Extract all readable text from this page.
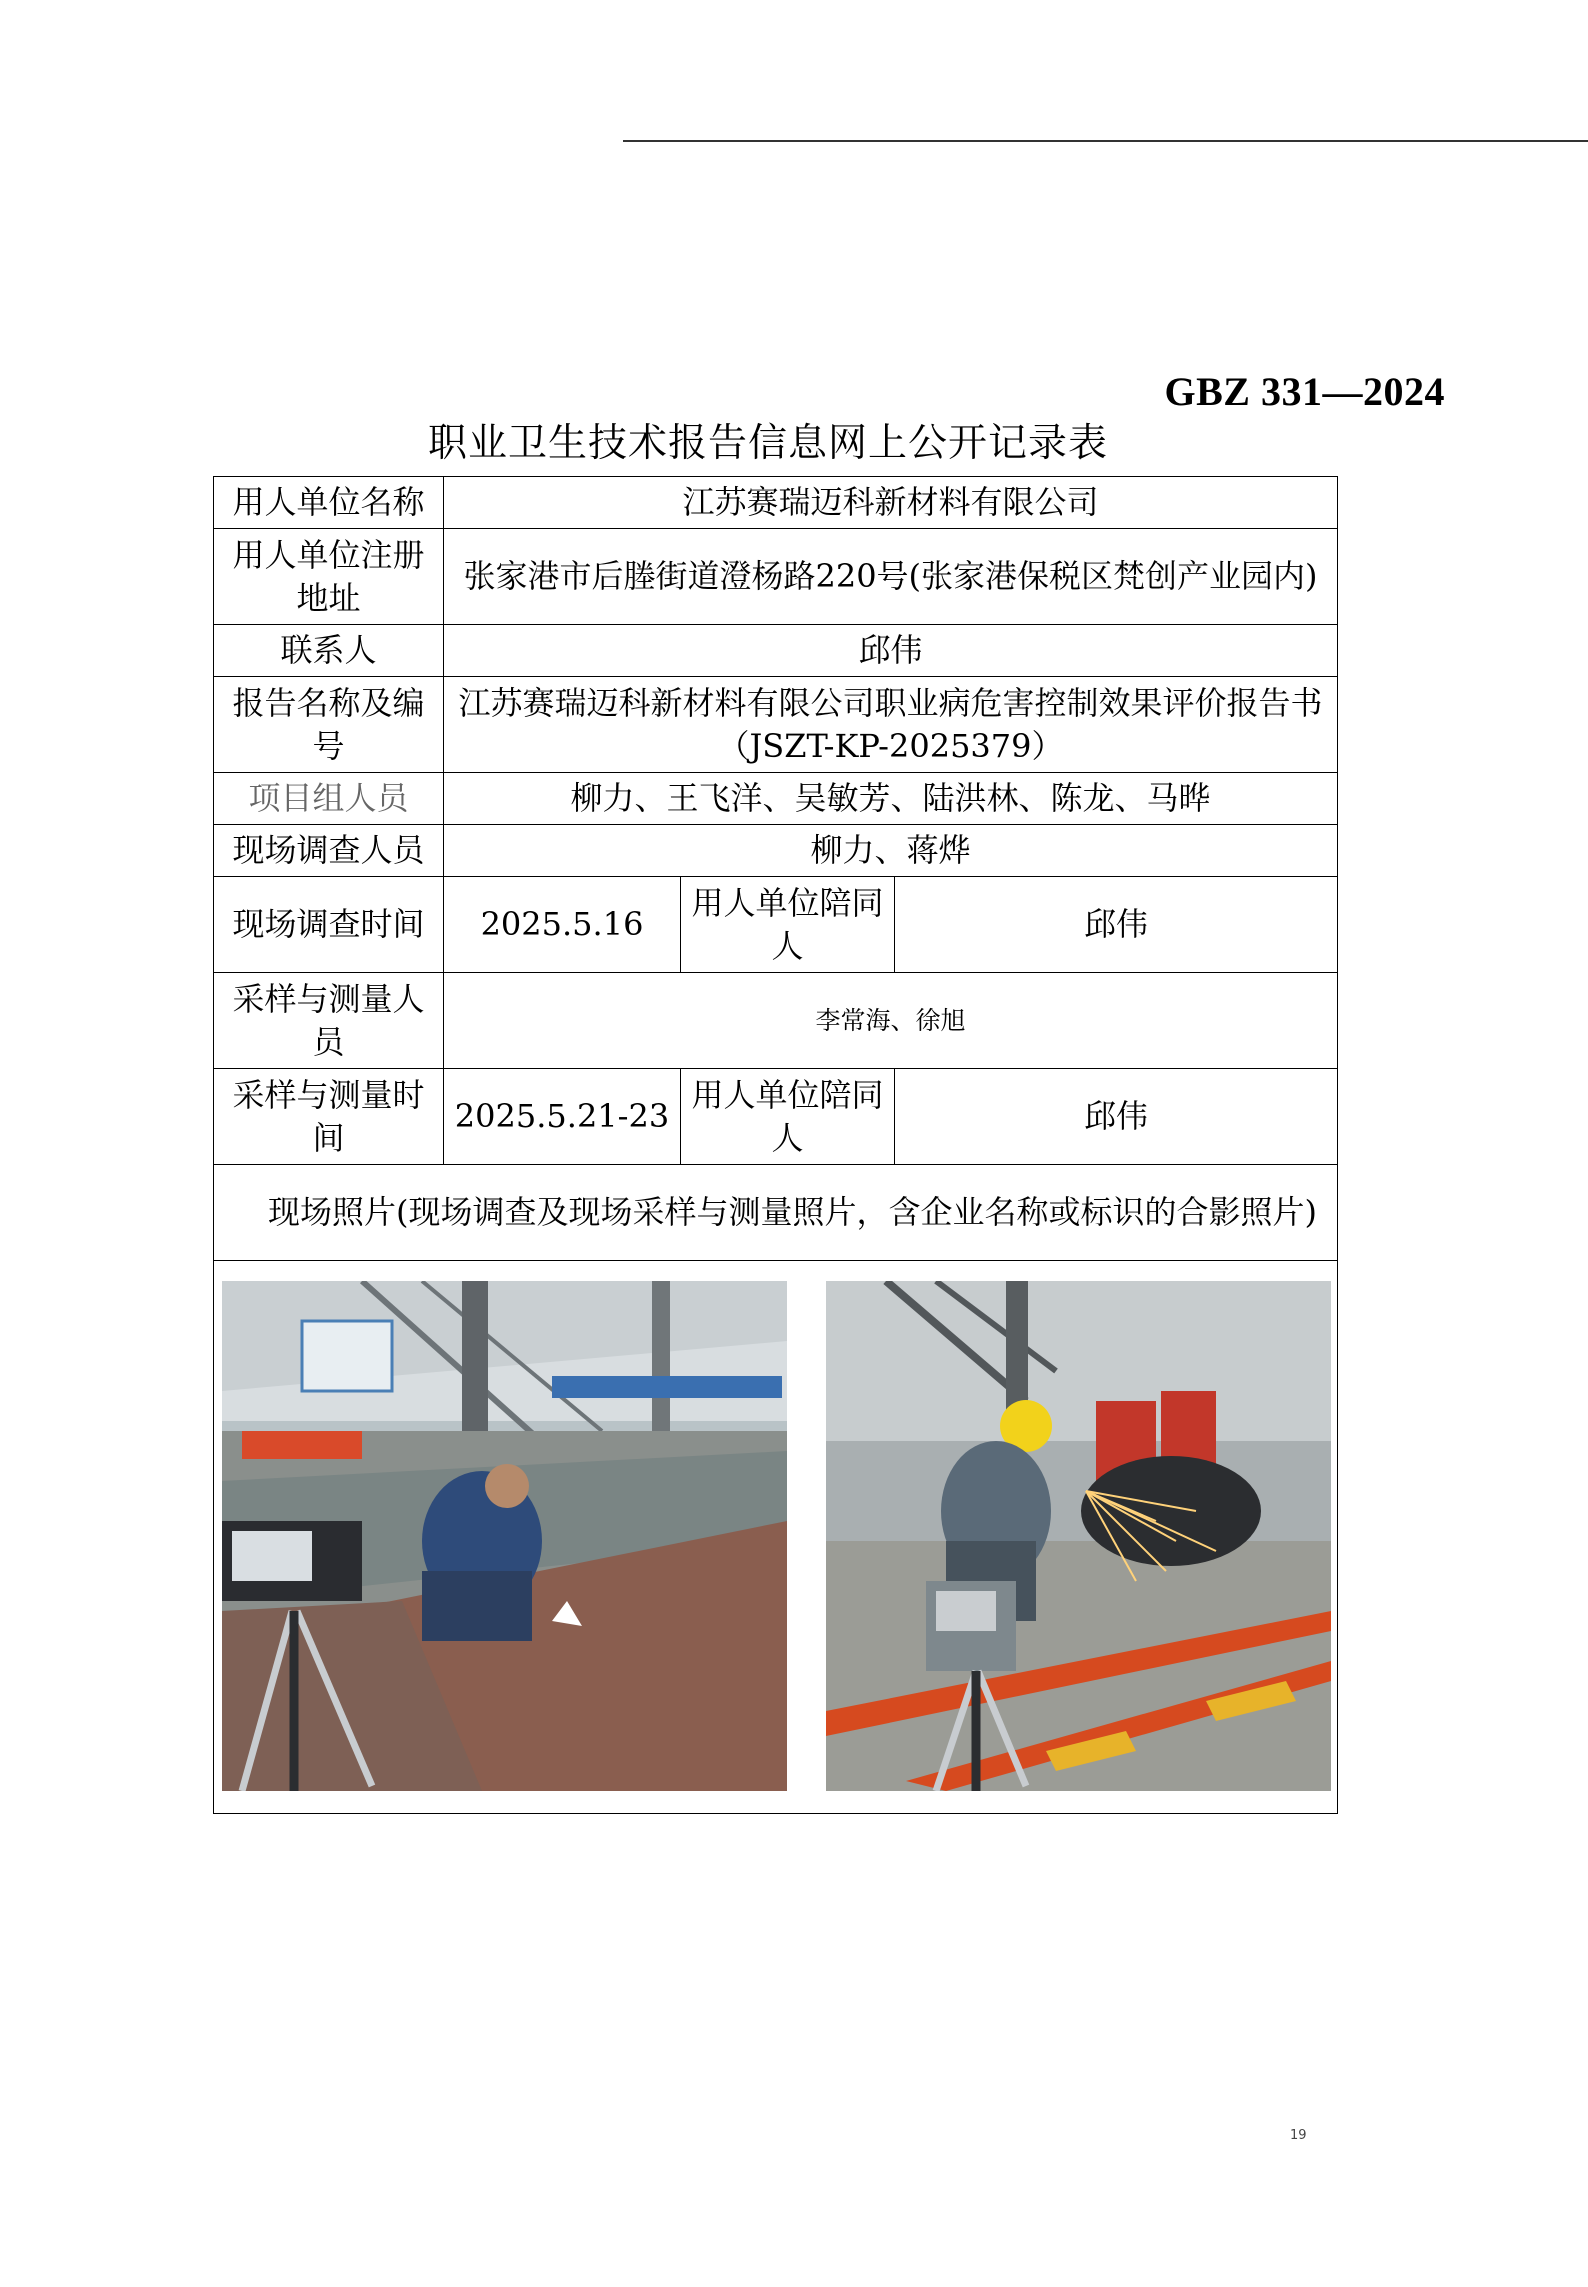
GBZ 331—2024
职业卫生技术报告信息网上公开记录表
用人单位名称	江苏赛瑞迈科新材料有限公司		
用人单位注册地址	张家港市后塍街道澄杨路220号(张家港保税区梵创产业园内)		
联系人	邱伟		
报告名称及编号	江苏赛瑞迈科新材料有限公司职业病危害控制效果评价报告书（JSZT-KP-2025379）		
项目组人员	柳力、王飞洋、吴敏芳、陆洪林、陈龙、马晔		
现场调查人员	柳力、蒋烨		
现场调查时间	2025.5.16	用人单位陪同人	邱伟
采样与测量人员	李常海、徐旭		
采样与测量时间	2025.5.21-23	用人单位陪同人	邱伟
现场照片(现场调查及现场采样与测量照片，含企业名称或标识的合影照片)			

19
